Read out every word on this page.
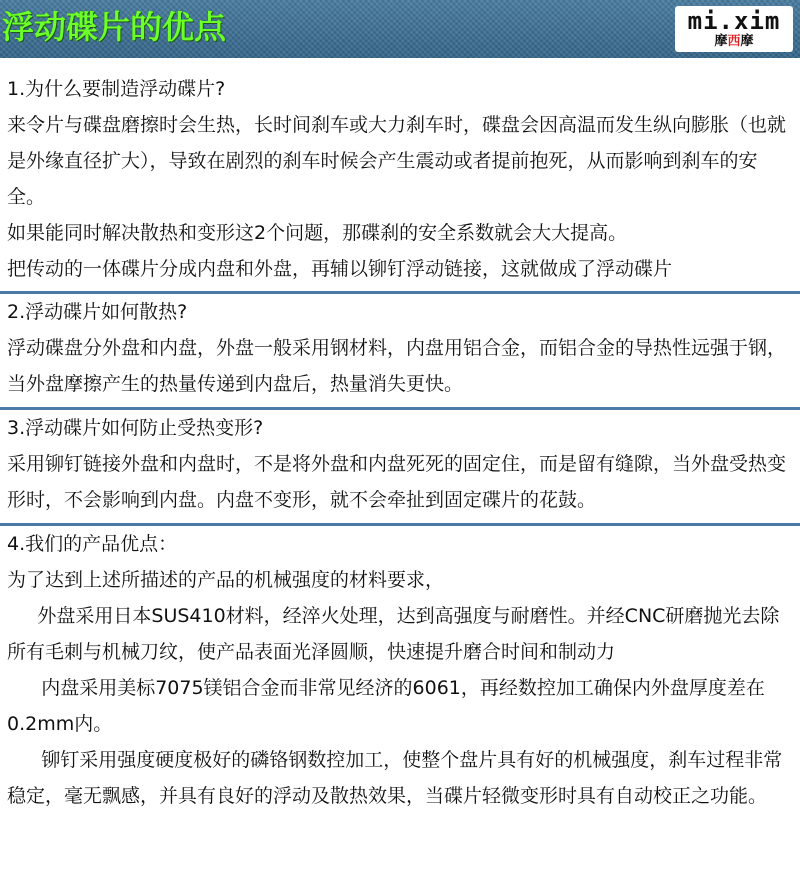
浮动碟片的优点	mi.xim
摩西摩
1.为什么要制造浮动碟片?

来令片与碟盘磨擦时会生热，长时间刹车或大力刹车时，碟盘会因高温而发生纵向膨胀（也就是外缘直径扩大），导致在剧烈的刹车时候会产生震动或者提前抱死，从而影响到刹车的安全。

如果能同时解决散热和变形这2个问题，那碟刹的安全系数就会大大提高。

把传动的一体碟片分成内盘和外盘，再辅以铆钉浮动链接，这就做成了浮动碟片

2.浮动碟片如何散热?

浮动碟盘分外盘和内盘，外盘一般采用钢材料，内盘用铝合金，而铝合金的导热性远强于钢，当外盘摩擦产生的热量传递到内盘后，热量消失更快。

3.浮动碟片如何防止受热变形?

采用铆钉链接外盘和内盘时，不是将外盘和内盘死死的固定住，而是留有缝隙，当外盘受热变形时，不会影响到内盘。内盘不变形，就不会牵扯到固定碟片的花鼓。

4.我们的产品优点：

为了达到上述所描述的产品的机械强度的材料要求，

外盘采用日本SUS410材料，经淬火处理，达到高强度与耐磨性。并经CNC研磨抛光去除所有毛刺与机械刀纹，使产品表面光泽圆顺，快速提升磨合时间和制动力

内盘采用美标7075镁铝合金而非常见经济的6061，再经数控加工确保内外盘厚度差在0.2mm内。

铆钉采用强度硬度极好的磷铬钢数控加工，使整个盘片具有好的机械强度，刹车过程非常稳定，毫无飘感，并具有良好的浮动及散热效果，当碟片轻微变形时具有自动校正之功能。
